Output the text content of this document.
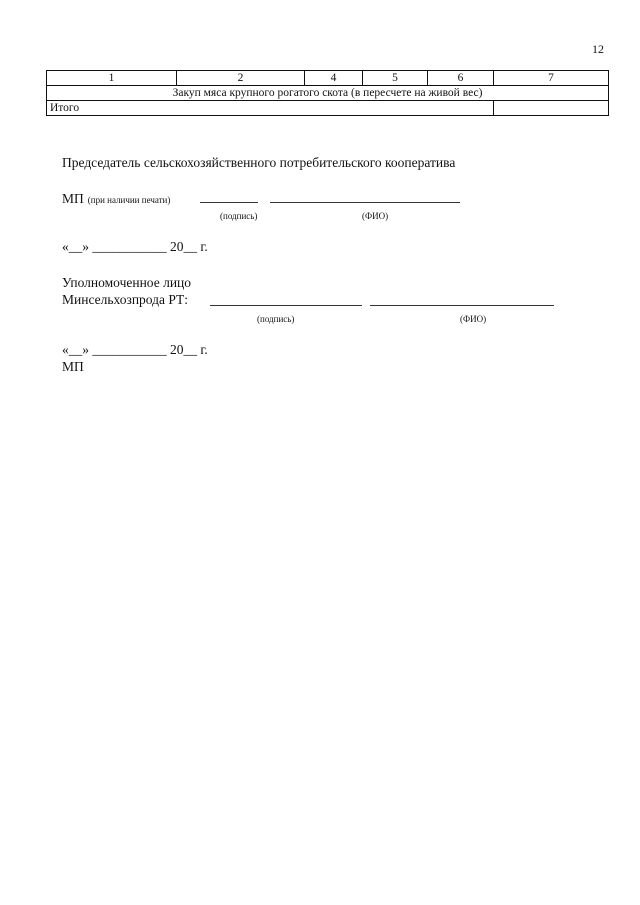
12
1	2	4	5	6	7
Закуп мяса крупного рогатого скота (в пересчете на живой вес)					
Итого					
Председатель сельскохозяйственного потребительского кооператива
МП (при наличии печати)
(подпись)	(ФИО)
«__» ___________ 20__ г.
Уполномоченное лицо
Минсельхозпрода РТ:
(подпись)	(ФИО)
«__» ___________ 20__ г.
МП
